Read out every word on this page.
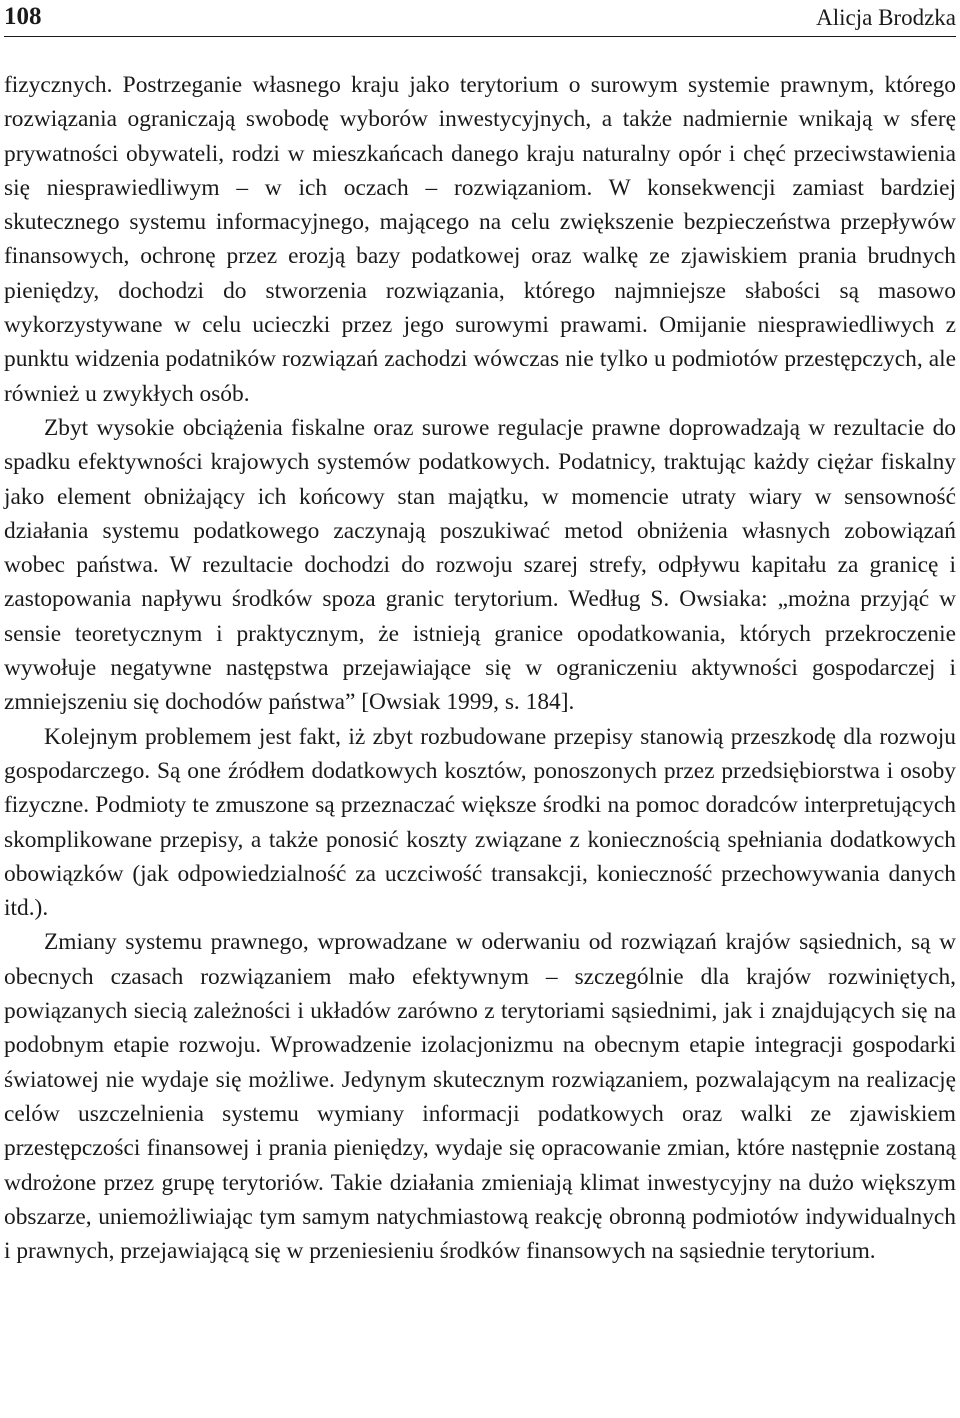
108	Alicja Brodzka

fizycznych. Postrzeganie własnego kraju jako terytorium o surowym systemie prawnym, którego rozwiązania ograniczają swobodę wyborów inwestycyjnych, a także nadmiernie wnikają w sferę prywatności obywateli, rodzi w mieszkańcach danego kraju naturalny opór i chęć przeciwstawienia się niesprawiedliwym – w ich oczach – rozwiązaniom. W konsekwencji zamiast bardziej skutecznego systemu informacyjnego, mającego na celu zwiększenie bezpieczeństwa przepływów finansowych, ochronę przez erozją bazy podatkowej oraz walkę ze zjawiskiem prania brudnych pieniędzy, dochodzi do stworzenia rozwiązania, którego najmniejsze słabości są masowo wykorzystywane w celu ucieczki przez jego surowymi prawami. Omijanie niesprawiedliwych z punktu widzenia podatników rozwiązań zachodzi wówczas nie tylko u podmiotów przestępczych, ale również u zwykłych osób.

Zbyt wysokie obciążenia fiskalne oraz surowe regulacje prawne doprowadzają w rezultacie do spadku efektywności krajowych systemów podatkowych. Podatnicy, traktując każdy ciężar fiskalny jako element obniżający ich końcowy stan majątku, w momencie utraty wiary w sensowność działania systemu podatkowego zaczynają poszukiwać metod obniżenia własnych zobowiązań wobec państwa. W rezultacie dochodzi do rozwoju szarej strefy, odpływu kapitału za granicę i zastopowania napływu środków spoza granic terytorium. Według S. Owsiaka: „można przyjąć w sensie teoretycznym i praktycznym, że istnieją granice opodatkowania, których przekroczenie wywołuje negatywne następstwa przejawiające się w ograniczeniu aktywności gospodarczej i zmniejszeniu się dochodów państwa” [Owsiak 1999, s. 184].

Kolejnym problemem jest fakt, iż zbyt rozbudowane przepisy stanowią przeszkodę dla rozwoju gospodarczego. Są one źródłem dodatkowych kosztów, ponoszonych przez przedsiębiorstwa i osoby fizyczne. Podmioty te zmuszone są przeznaczać większe środki na pomoc doradców interpretujących skomplikowane przepisy, a także ponosić koszty związane z koniecznością spełniania dodatkowych obowiązków (jak odpowiedzialność za uczciwość transakcji, konieczność przechowywania danych itd.).

Zmiany systemu prawnego, wprowadzane w oderwaniu od rozwiązań krajów sąsiednich, są w obecnych czasach rozwiązaniem mało efektywnym – szczególnie dla krajów rozwiniętych, powiązanych siecią zależności i układów zarówno z terytoriami sąsiednimi, jak i znajdujących się na podobnym etapie rozwoju. Wprowadzenie izolacjonizmu na obecnym etapie integracji gospodarki światowej nie wydaje się możliwe. Jedynym skutecznym rozwiązaniem, pozwalającym na realizację celów uszczelnienia systemu wymiany informacji podatkowych oraz walki ze zjawiskiem przestępczości finansowej i prania pieniędzy, wydaje się opracowanie zmian, które następnie zostaną wdrożone przez grupę terytoriów. Takie działania zmieniają klimat inwestycyjny na dużo większym obszarze, uniemożliwiając tym samym natychmiastową reakcję obronną podmiotów indywidualnych i prawnych, przejawiającą się w przeniesieniu środków finansowych na sąsiednie terytorium.
